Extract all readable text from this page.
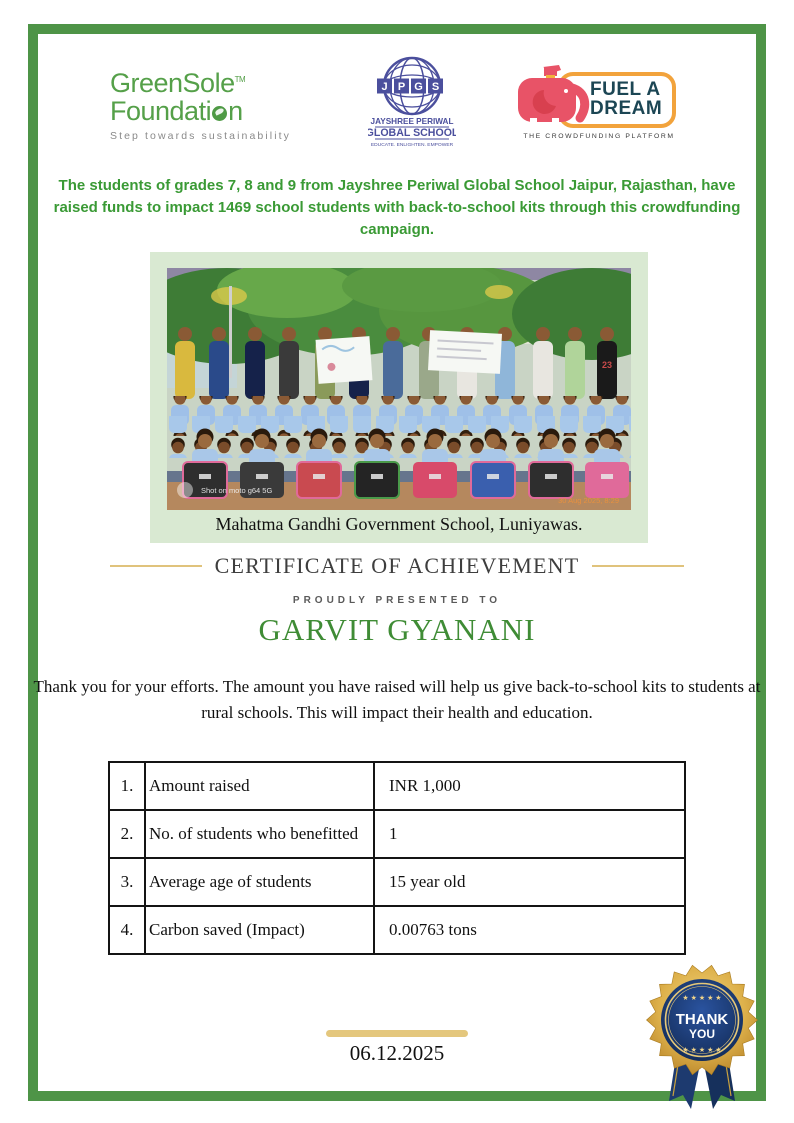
GreenSole™
Foundati n
Step towards sustainability
J P G S
JAYSHREE PERIWAL
GLOBAL SCHOOL
EDUCATE. ENLIGHTEN. EMPOWER
FUEL A
DREAM
THE CROWDFUNDING PLATFORM
The students of grades 7, 8 and 9 from Jayshree Periwal Global School Jaipur, Rajasthan, have raised funds to impact 1469 school students with back-to-school kits through this crowdfunding campaign.
23
Shot on moto g64 5G
30 Aug 2025, 8:29
Mahatma Gandhi Government School, Luniyawas.
CERTIFICATE OF ACHIEVEMENT
PROUDLY PRESENTED TO
GARVIT GYANANI
Thank you for your efforts. The amount you have raised will help us give back-to-school kits to students at rural schools. This will impact their health and education.
1.	Amount raised	INR 1,000
2.	No. of students who benefitted	1
3.	Average age of students	15 year old
4.	Carbon saved (Impact)	0.00763 tons
06.12.2025
★ ★ ★ ★ ★
THANK
YOU
★ ★ ★ ★ ★
